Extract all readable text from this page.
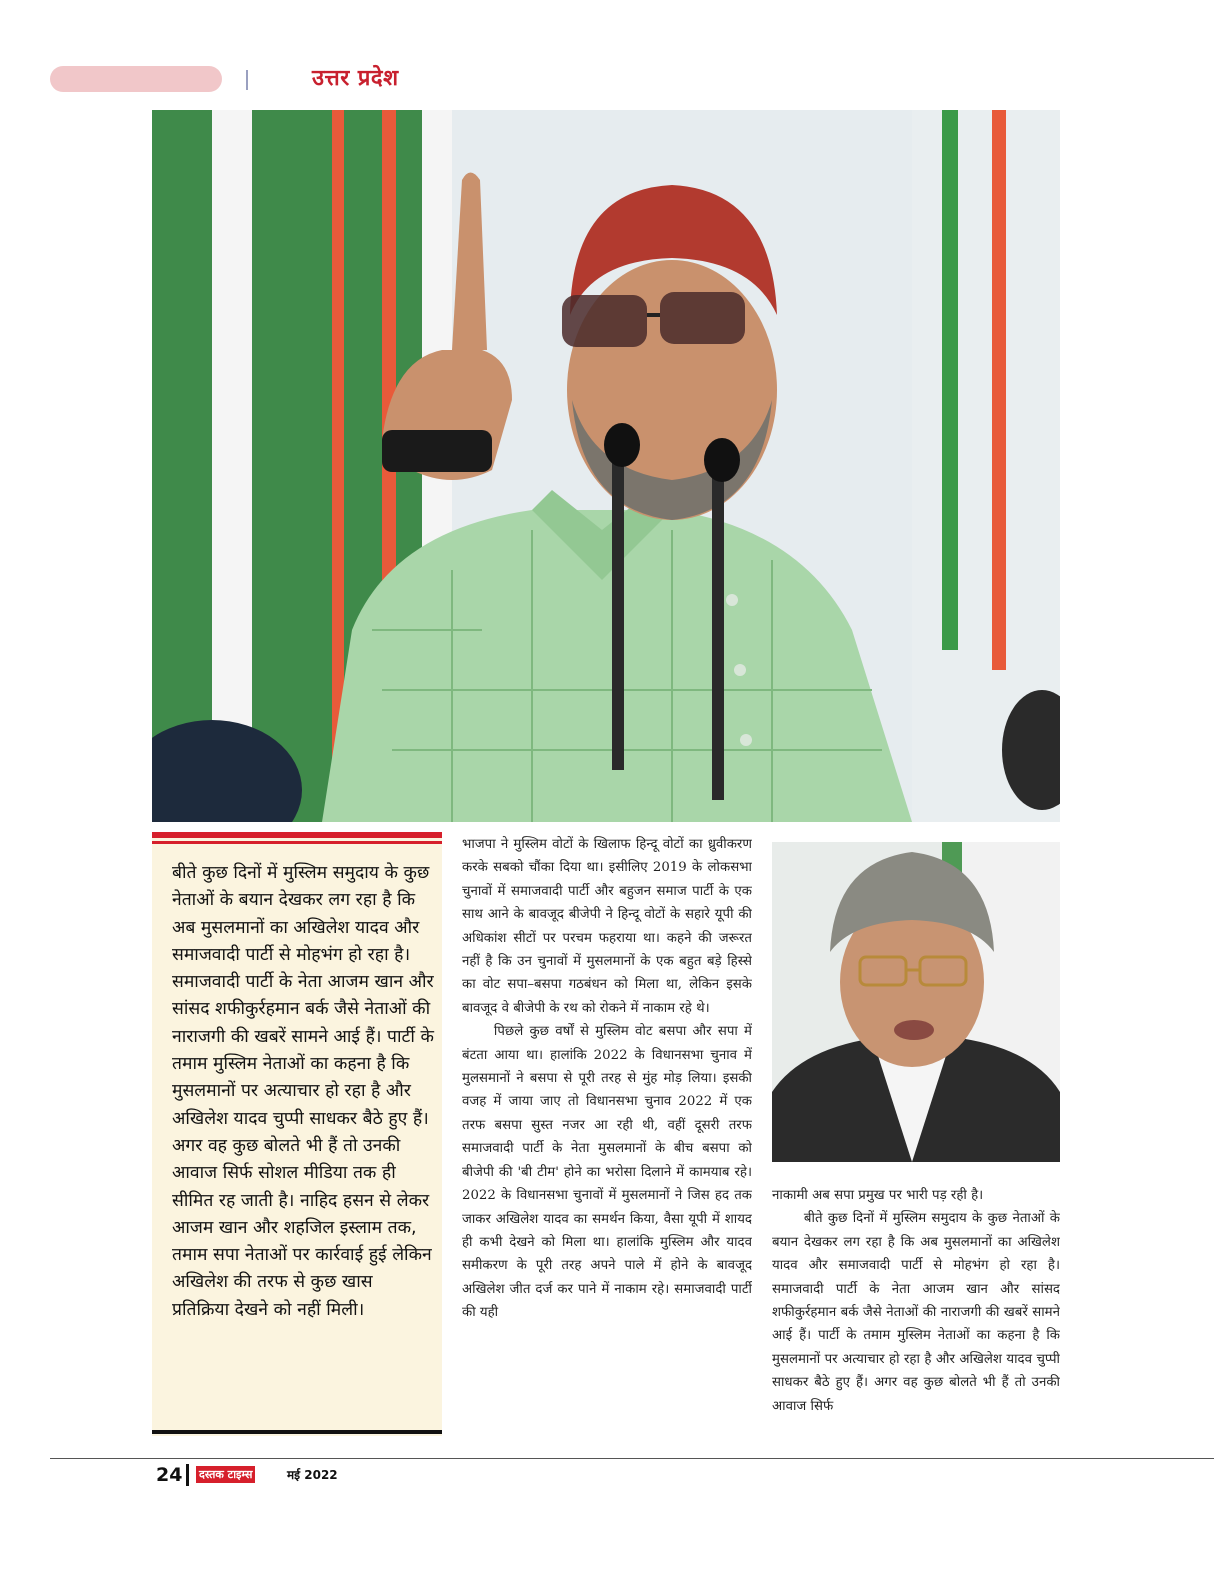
उत्तर प्रदेश

बीते कुछ दिनों में मुस्लिम समुदाय के कुछ नेताओं के बयान देखकर लग रहा है कि अब मुसलमानों का अखिलेश यादव और समाजवादी पार्टी से मोहभंग हो रहा है। समाजवादी पार्टी के नेता आजम खान और सांसद शफीकुर्रहमान बर्क जैसे नेताओं की नाराजगी की खबरें सामने आई हैं। पार्टी के तमाम मुस्लिम नेताओं का कहना है कि मुसलमानों पर अत्याचार हो रहा है और अखिलेश यादव चुप्पी साधकर बैठे हुए हैं। अगर वह कुछ बोलते भी हैं तो उनकी आवाज सिर्फ सोशल मीडिया तक ही सीमित रह जाती है। नाहिद हसन से लेकर आजम खान और शहजिल इस्लाम तक, तमाम सपा नेताओं पर कार्रवाई हुई लेकिन अखिलेश की तरफ से कुछ खास प्रतिक्रिया देखने को नहीं मिली।

भाजपा ने मुस्लिम वोटों के खिलाफ हिन्दू वोटों का ध्रुवीकरण करके सबको चौंका दिया था। इसीलिए 2019 के लोकसभा चुनावों में समाजवादी पार्टी और बहुजन समाज पार्टी के एक साथ आने के बावजूद बीजेपी ने हिन्दू वोटों के सहारे यूपी की अधिकांश सीटों पर परचम फहराया था। कहने की जरूरत नहीं है कि उन चुनावों में मुसलमानों के एक बहुत बड़े हिस्से का वोट सपा–बसपा गठबंधन को मिला था, लेकिन इसके बावजूद वे बीजेपी के रथ को रोकने में नाकाम रहे थे।

पिछले कुछ वर्षों से मुस्लिम वोट बसपा और सपा में बंटता आया था। हालांकि 2022 के विधानसभा चुनाव में मुलसमानों ने बसपा से पूरी तरह से मुंह मोड़ लिया। इसकी वजह में जाया जाए तो विधानसभा चुनाव 2022 में एक तरफ बसपा सुस्त नजर आ रही थी, वहीं दूसरी तरफ समाजवादी पार्टी के नेता मुसलमानों के बीच बसपा को बीजेपी की 'बी टीम' होने का भरोसा दिलाने में कामयाब रहे। 2022 के विधानसभा चुनावों में मुसलमानों ने जिस हद तक जाकर अखिलेश यादव का समर्थन किया, वैसा यूपी में शायद ही कभी देखने को मिला था। हालांकि मुस्लिम और यादव समीकरण के पूरी तरह अपने पाले में होने के बावजूद अखिलेश जीत दर्ज कर पाने में नाकाम रहे। समाजवादी पार्टी की यही

नाकामी अब सपा प्रमुख पर भारी पड़ रही है।

बीते कुछ दिनों में मुस्लिम समुदाय के कुछ नेताओं के बयान देखकर लग रहा है कि अब मुसलमानों का अखिलेश यादव और समाजवादी पार्टी से मोहभंग हो रहा है। समाजवादी पार्टी के नेता आजम खान और सांसद शफीकुर्रहमान बर्क जैसे नेताओं की नाराजगी की खबरें सामने आई हैं। पार्टी के तमाम मुस्लिम नेताओं का कहना है कि मुसलमानों पर अत्याचार हो रहा है और अखिलेश यादव चुप्पी साधकर बैठे हुए हैं। अगर वह कुछ बोलते भी हैं तो उनकी आवाज सिर्फ

24 दस्तक टाइम्स	मई 2022
